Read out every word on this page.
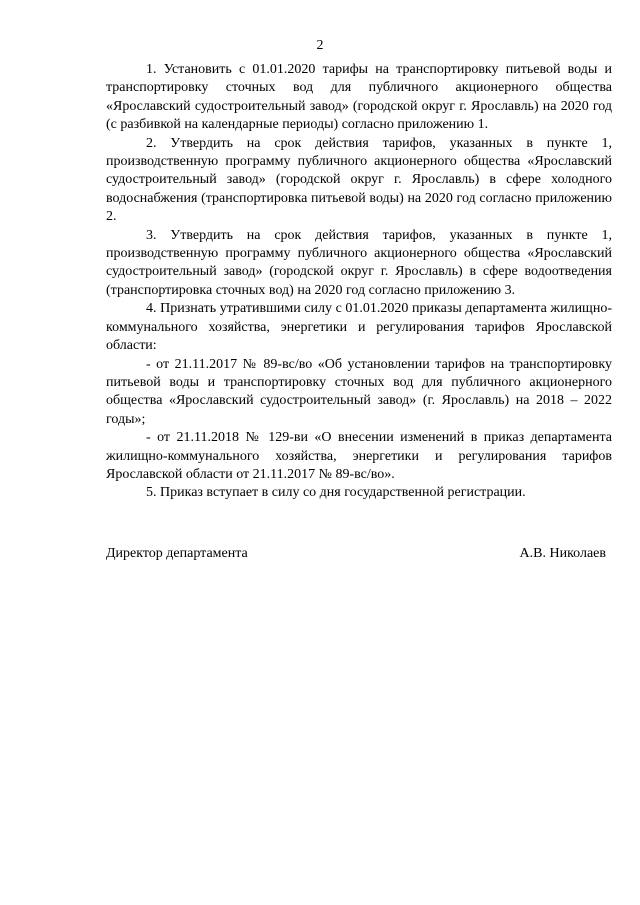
2

1. Установить с 01.01.2020 тарифы на транспортировку питьевой воды и транспортировку сточных вод для публичного акционерного общества «Ярославский судостроительный завод» (городской округ г. Ярославль) на 2020 год (с разбивкой на календарные периоды) согласно приложению 1.

2. Утвердить на срок действия тарифов, указанных в пункте 1, производственную программу публичного акционерного общества «Ярославский судостроительный завод» (городской округ г. Ярославль) в сфере холодного водоснабжения (транспортировка питьевой воды) на 2020 год согласно приложению 2.

3. Утвердить на срок действия тарифов, указанных в пункте 1, производственную программу публичного акционерного общества «Ярославский судостроительный завод» (городской округ г. Ярославль) в сфере водоотведения (транспортировка сточных вод) на 2020 год согласно приложению 3.

4. Признать утратившими силу с 01.01.2020 приказы департамента жилищно-коммунального хозяйства, энергетики и регулирования тарифов Ярославской области:

- от 21.11.2017 № 89-вс/во «Об установлении тарифов на транспортировку питьевой воды и транспортировку сточных вод для публичного акционерного общества «Ярославский судостроительный завод» (г. Ярославль) на 2018 – 2022 годы»;

- от 21.11.2018 № 129-ви «О внесении изменений в приказ департамента жилищно-коммунального хозяйства, энергетики и регулирования тарифов Ярославской области от 21.11.2017 № 89-вс/во».

5. Приказ вступает в силу со дня государственной регистрации.

Директор департамента	А.В. Николаев
